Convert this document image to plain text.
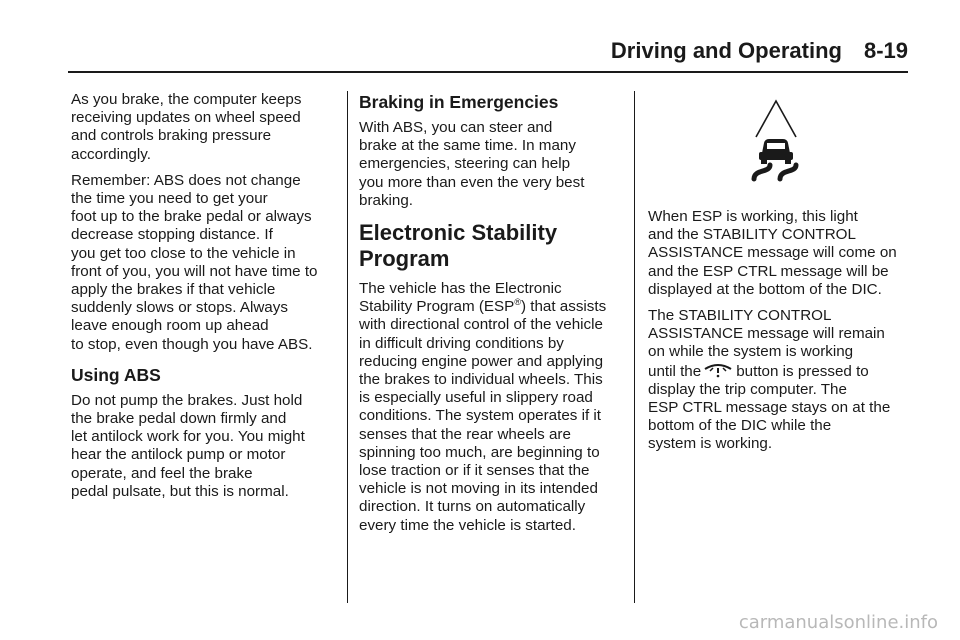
Driving and Operating 8-19

As you brake, the computer keeps
receiving updates on wheel speed
and controls braking pressure
accordingly.

Remember: ABS does not change
the time you need to get your
foot up to the brake pedal or always
decrease stopping distance. If
you get too close to the vehicle in
front of you, you will not have time to
apply the brakes if that vehicle
suddenly slows or stops. Always
leave enough room up ahead
to stop, even though you have ABS.

Using ABS

Do not pump the brakes. Just hold
the brake pedal down firmly and
let antilock work for you. You might
hear the antilock pump or motor
operate, and feel the brake
pedal pulsate, but this is normal.

Braking in Emergencies

With ABS, you can steer and
brake at the same time. In many
emergencies, steering can help
you more than even the very best
braking.

Electronic Stability
Program

The vehicle has the Electronic
Stability Program (ESP®) that assists
with directional control of the vehicle
in difficult driving conditions by
reducing engine power and applying
the brakes to individual wheels. This
is especially useful in slippery road
conditions. The system operates if it
senses that the rear wheels are
spinning too much, are beginning to
lose traction or if it senses that the
vehicle is not moving in its intended
direction. It turns on automatically
every time the vehicle is started.

When ESP is working, this light
and the STABILITY CONTROL
ASSISTANCE message will come on
and the ESP CTRL message will be
displayed at the bottom of the DIC.

The STABILITY CONTROL
ASSISTANCE message will remain
on while the system is working
until the button is pressed to
display the trip computer. The
ESP CTRL message stays on at the
bottom of the DIC while the
system is working.

carmanualsonline.info
